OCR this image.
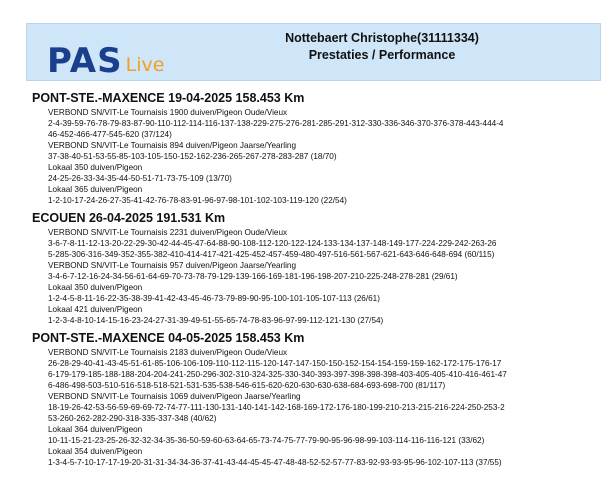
PAS Live
Nottebaert Christophe(31111334)
Prestaties / Performance
PONT-STE.-MAXENCE 19-04-2025 158.453 Km
VERBOND SN/VIT-Le Tournaisis 1900 duiven/Pigeon Oude/Vieux
2-4-39-59-76-78-79-83-87-90-110-112-114-116-137-138-229-275-276-281-285-291-312-330-336-346-370-376-378-443-444-4
46-452-466-477-545-620 (37/124)
VERBOND SN/VIT-Le Tournaisis 894 duiven/Pigeon Jaarse/Yearling
37-38-40-51-53-55-85-103-105-150-152-162-236-265-267-278-283-287 (18/70)
Lokaal 350 duiven/Pigeon
24-25-26-33-34-35-44-50-51-71-73-75-109 (13/70)
Lokaal 365 duiven/Pigeon
1-2-10-17-24-26-27-35-41-42-76-78-83-91-96-97-98-101-102-103-119-120 (22/54)
ECOUEN 26-04-2025 191.531 Km
VERBOND SN/VIT-Le Tournaisis 2231 duiven/Pigeon Oude/Vieux
3-6-7-8-11-12-13-20-22-29-30-42-44-45-47-64-88-90-108-112-120-122-124-133-134-137-148-149-177-224-229-242-263-26
5-285-306-316-349-352-355-382-410-414-417-421-425-452-457-459-480-497-516-561-567-621-643-646-648-694 (60/115)
VERBOND SN/VIT-Le Tournaisis 957 duiven/Pigeon Jaarse/Yearling
3-4-6-7-12-16-24-34-56-61-64-69-70-73-78-79-129-139-166-169-181-196-198-207-210-225-248-278-281 (29/61)
Lokaal 350 duiven/Pigeon
1-2-4-5-8-11-16-22-35-38-39-41-42-43-45-46-73-79-89-90-95-100-101-105-107-113 (26/61)
Lokaal 421 duiven/Pigeon
1-2-3-4-8-10-14-15-16-23-24-27-31-39-49-51-55-65-74-78-83-96-97-99-112-121-130 (27/54)
PONT-STE.-MAXENCE 04-05-2025 158.453 Km
VERBOND SN/VIT-Le Tournaisis 2183 duiven/Pigeon Oude/Vieux
26-28-29-40-41-43-45-51-61-85-106-106-109-110-112-115-120-147-147-150-150-152-154-154-159-159-162-172-175-176-17
6-179-179-185-188-188-204-204-241-250-296-302-310-324-325-330-340-393-397-398-398-398-403-405-405-410-416-461-47
6-486-498-503-510-516-518-518-521-531-535-538-546-615-620-620-630-630-638-684-693-698-700 (81/117)
VERBOND SN/VIT-Le Tournaisis 1069 duiven/Pigeon Jaarse/Yearling
18-19-26-42-53-56-59-69-69-72-74-77-111-130-131-140-141-142-168-169-172-176-180-199-210-213-215-216-224-250-253-2
53-260-262-282-290-318-335-337-348 (40/62)
Lokaal 364 duiven/Pigeon
10-11-15-21-23-25-26-32-32-34-35-36-50-59-60-63-64-65-73-74-75-77-79-90-95-96-98-99-103-114-116-116-121 (33/62)
Lokaal 354 duiven/Pigeon
1-3-4-5-7-10-17-17-19-20-31-31-34-34-36-37-41-43-44-45-45-47-48-48-52-52-57-77-83-92-93-93-95-96-102-107-113 (37/55)
